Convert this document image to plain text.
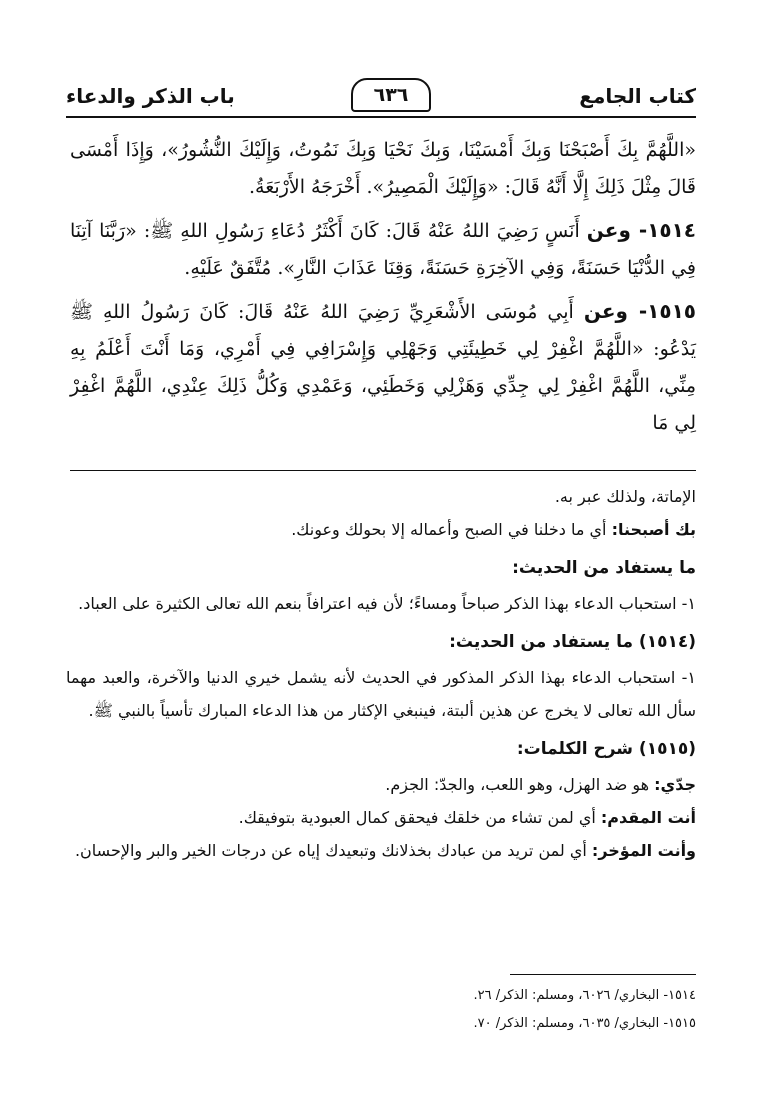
كتاب الجامع
٦٣٦
باب الذكر والدعاء

«اللَّهُمَّ بِكَ أَصْبَحْنَا وَبِكَ أَمْسَيْنَا، وَبِكَ نَحْيَا وَبِكَ نَمُوتُ، وَإِلَيْكَ النُّشُورُ»، وَإِذَا أَمْسَى قَالَ مِثْلَ ذَلِكَ إِلَّا أَنَّهُ قَالَ: «وَإِلَيْكَ الْمَصِيرُ». أَخْرَجَهُ الأَرْبَعَةُ.

١٥١٤- وعن أَنَسٍ رَضِيَ اللهُ عَنْهُ قَالَ: كَانَ أَكْثَرُ دُعَاءِ رَسُولِ اللهِ ﷺ: «رَبَّنَا آتِنَا فِي الدُّنْيَا حَسَنَةً، وَفِي الآخِرَةِ حَسَنَةً، وَقِنَا عَذَابَ النَّارِ». مُتَّفَقٌ عَلَيْهِ.

١٥١٥- وعن أَبِي مُوسَى الأَشْعَرِيِّ رَضِيَ اللهُ عَنْهُ قَالَ: كَانَ رَسُولُ اللهِ ﷺ يَدْعُو: «اللَّهُمَّ اغْفِرْ لِي خَطِيئَتِي وَجَهْلِي وَإِسْرَافِي فِي أَمْرِي، وَمَا أَنْتَ أَعْلَمُ بِهِ مِنِّي، اللَّهُمَّ اغْفِرْ لِي جِدِّي وَهَزْلِي وَخَطَئِي، وَعَمْدِي وَكُلُّ ذَلِكَ عِنْدِي، اللَّهُمَّ اغْفِرْ لِي مَا

الإماتة، ولذلك عبر به.

بك أصبحنا: أي ما دخلنا في الصبح وأعماله إلا بحولك وعونك.

ما يستفاد من الحديث:

١- استحباب الدعاء بهذا الذكر صباحاً ومساءً؛ لأن فيه اعترافاً بنعم الله تعالى الكثيرة على العباد.

(١٥١٤) ما يستفاد من الحديث:

١- استحباب الدعاء بهذا الذكر المذكور في الحديث لأنه يشمل خيري الدنيا والآخرة، والعبد مهما سأل الله تعالى لا يخرج عن هذين ألبتة، فينبغي الإكثار من هذا الدعاء المبارك تأسياً بالنبي ﷺ.

(١٥١٥) شرح الكلمات:

جدّي: هو ضد الهزل، وهو اللعب، والجدّ: الجزم.

أنت المقدم: أي لمن تشاء من خلقك فيحقق كمال العبودية بتوفيقك.

وأنت المؤخر: أي لمن تريد من عبادك بخذلانك وتبعيدك إياه عن درجات الخير والبر والإحسان.

١٥١٤- البخاري/ ٦٠٢٦، ومسلم: الذكر/ ٢٦.

١٥١٥- البخاري/ ٦٠٣٥، ومسلم: الذكر/ ٧٠.
